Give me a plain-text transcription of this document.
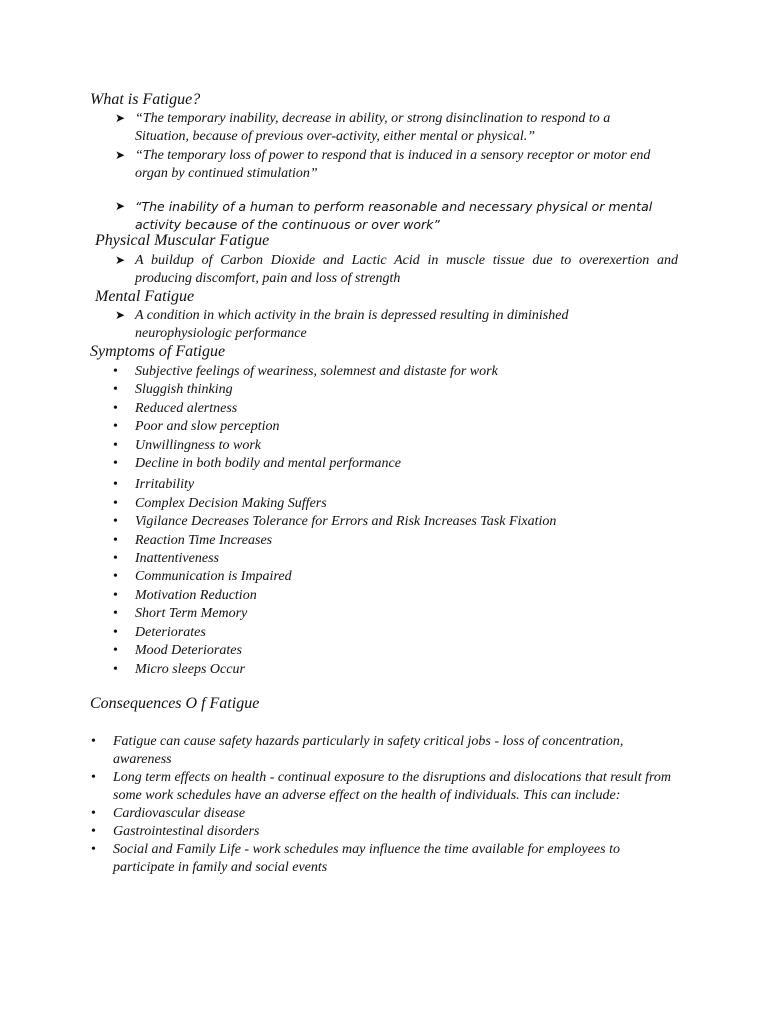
What is Fatigue?
➤ “The temporary inability, decrease in ability, or strong disinclination to respond to a Situation, because of previous over-activity, either mental or physical.”
➤ “The temporary loss of power to respond that is induced in a sensory receptor or motor end organ by continued stimulation”
➤ “The inability of a human to perform reasonable and necessary physical or mental activity because of the continuous or over work”
Physical Muscular Fatigue
➤ A buildup of Carbon Dioxide and Lactic Acid in muscle tissue due to overexertion and producing discomfort, pain and loss of strength
Mental Fatigue
➤ A condition in which activity in the brain is depressed resulting in diminished neurophysiologic performance
Symptoms of Fatigue
• Subjective feelings of weariness, solemnest and distaste for work
• Sluggish thinking
• Reduced alertness
• Poor and slow perception
• Unwillingness to work
• Decline in both bodily and mental performance
• Irritability
• Complex Decision Making Suffers
• Vigilance Decreases Tolerance for Errors and Risk Increases Task Fixation
• Reaction Time Increases
• Inattentiveness
• Communication is Impaired
• Motivation Reduction
• Short Term Memory
• Deteriorates
• Mood Deteriorates
• Micro sleeps Occur
Consequences O f Fatigue
• Fatigue can cause safety hazards particularly in safety critical jobs - loss of concentration, awareness
• Long term effects on health - continual exposure to the disruptions and dislocations that result from some work schedules have an adverse effect on the health of individuals. This can include:
• Cardiovascular disease
• Gastrointestinal disorders
• Social and Family Life - work schedules may influence the time available for employees to participate in family and social events
